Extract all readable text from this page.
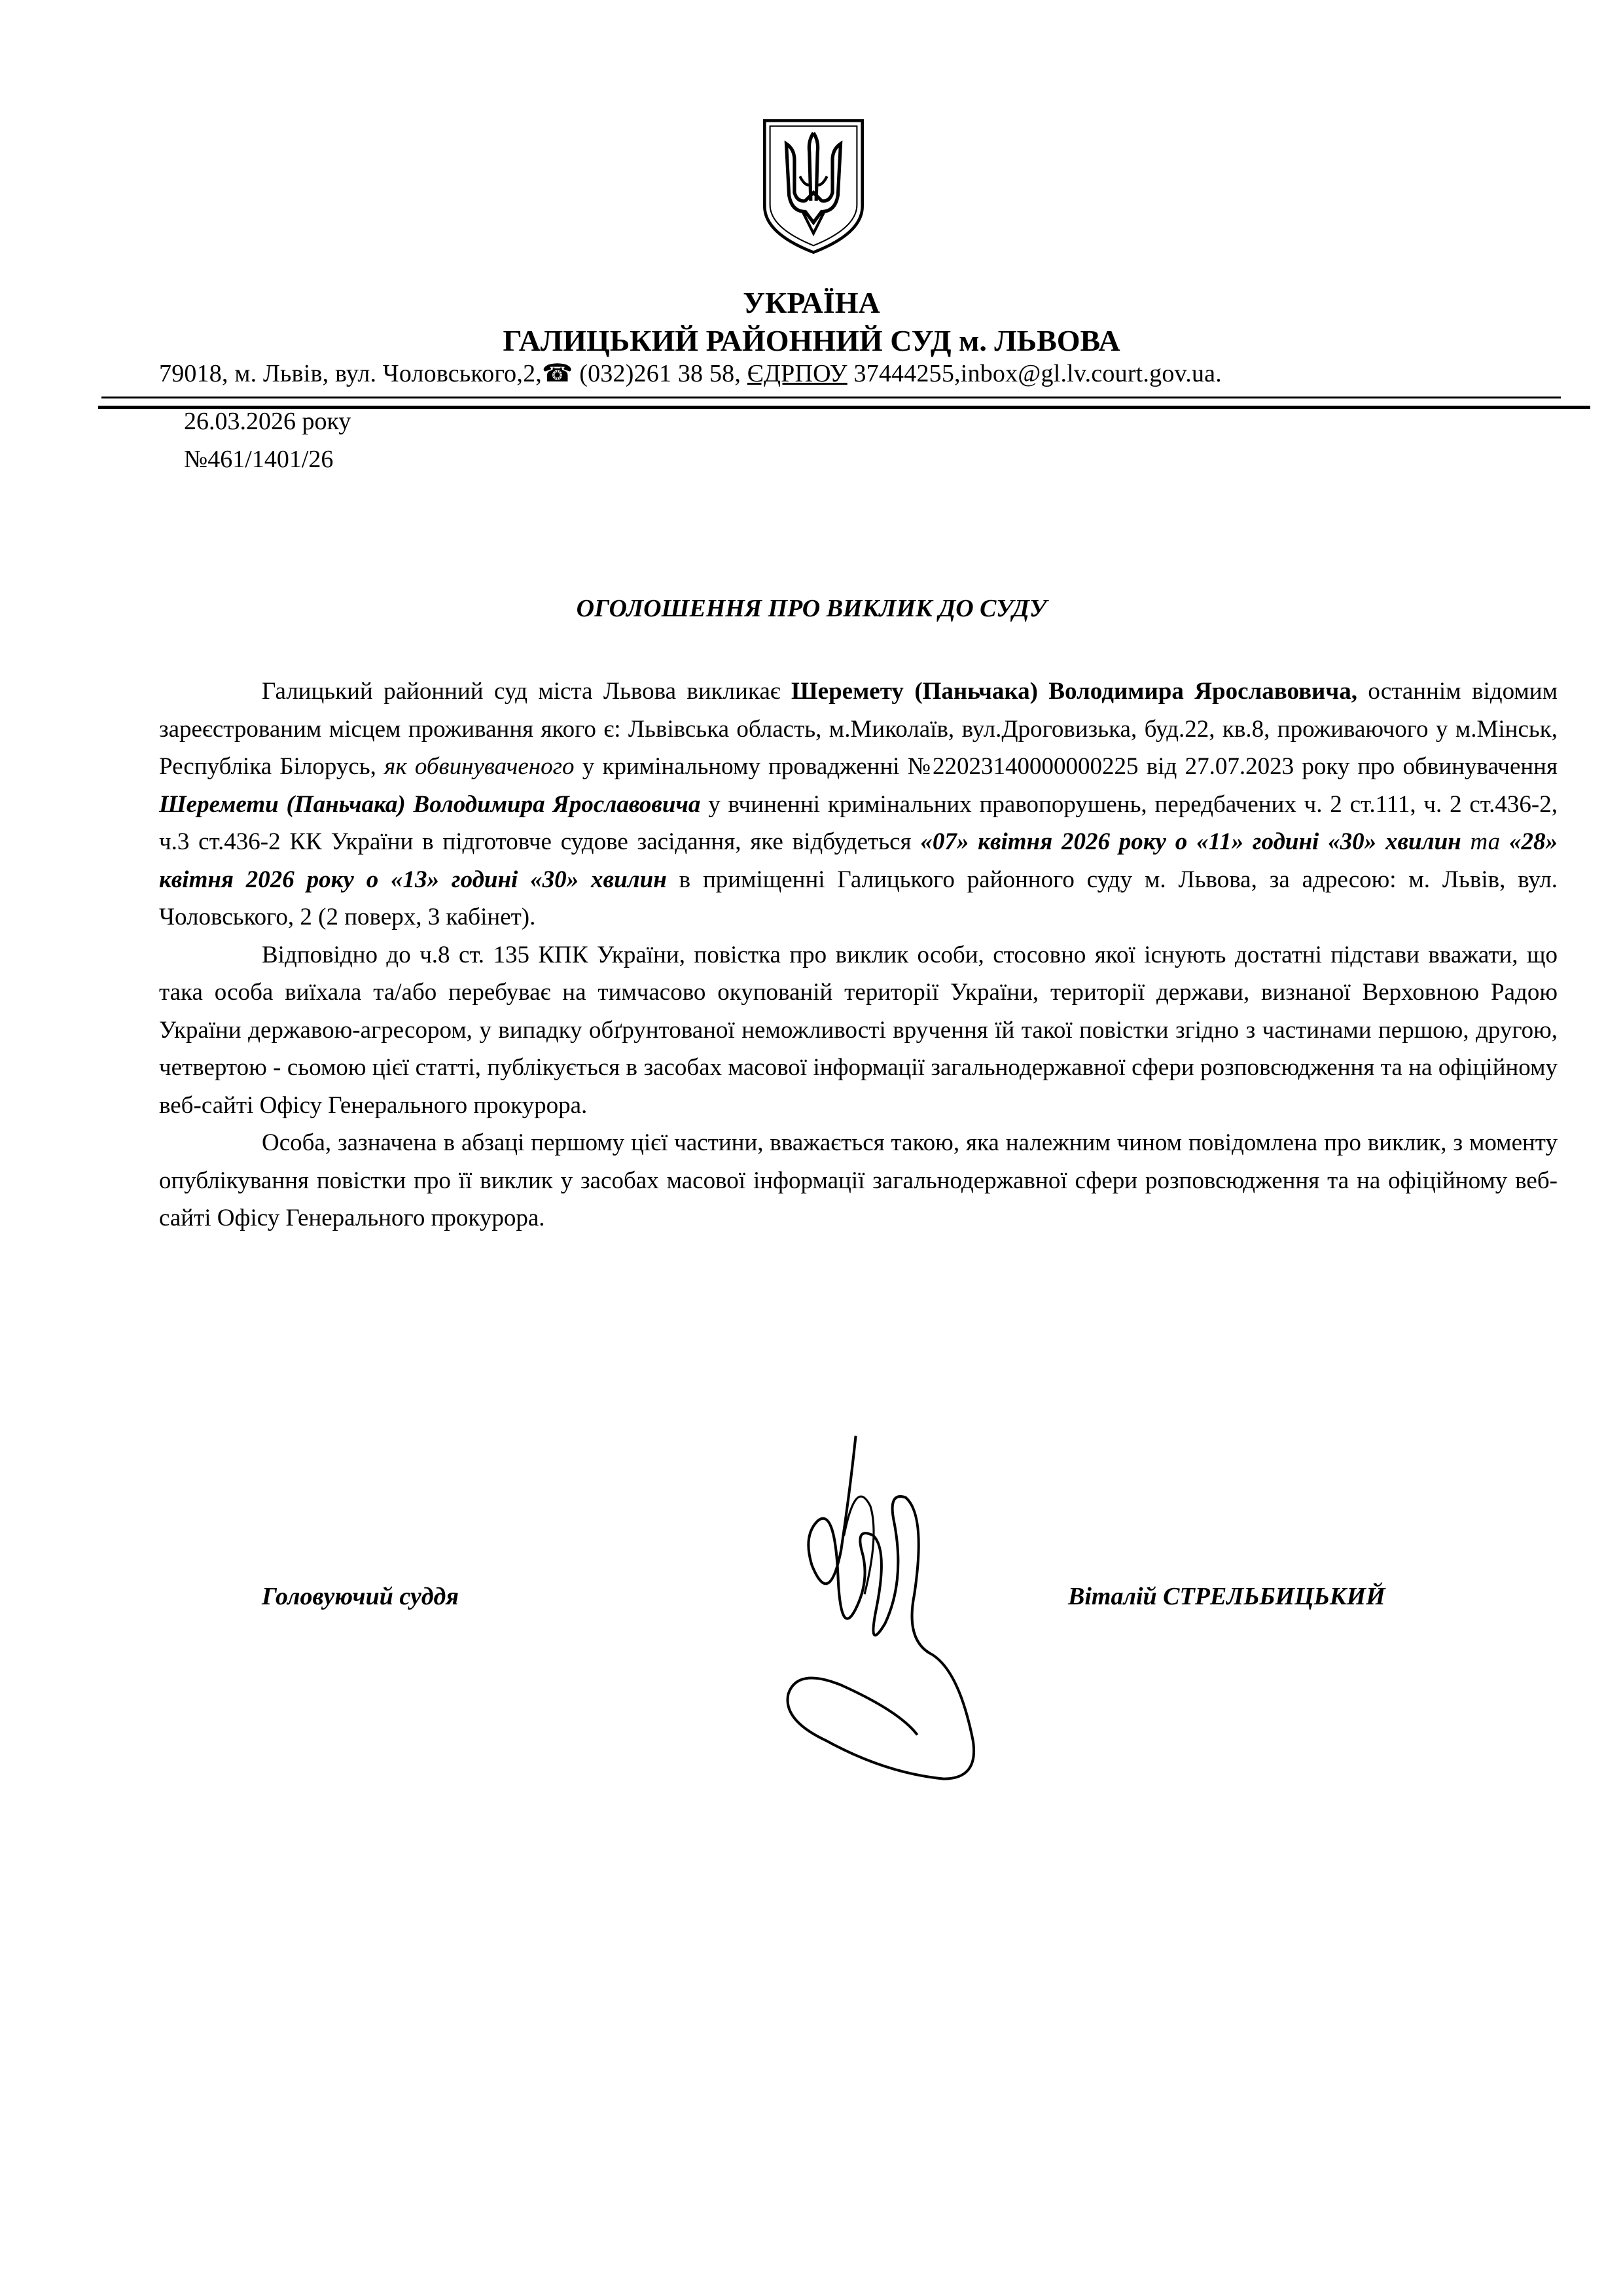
УКРАЇНА
ГАЛИЦЬКИЙ РАЙОННИЙ СУД м. ЛЬВОВА
79018, м. Львів, вул. Чоловського,2,☎ (032)261 38 58, ЄДРПОУ 37444255,inbox@gl.lv.court.gov.ua.
26.03.2026 року
№461/1401/26
ОГОЛОШЕННЯ ПРО ВИКЛИК ДО СУДУ

Галицький районний суд міста Львова викликає Шеремету (Паньчака) Володимира Ярославовича, останнім відомим зареєстрованим місцем проживання якого є: Львівська область, м.Миколаїв, вул.Дроговизька, буд.22, кв.8, проживаючого у м.Мінськ, Республіка Білорусь, як обвинуваченого у кримінальному провадженні №22023140000000225 від 27.07.2023 року про обвинувачення Шеремети (Паньчака) Володимира Ярославовича у вчиненні кримінальних правопорушень, передбачених ч. 2 ст.111, ч. 2 ст.436-2, ч.3 ст.436-2 КК України в підготовче судове засідання, яке відбудеться «07» квітня 2026 року о «11» годині «30» хвилин та «28» квітня 2026 року о «13» годині «30» хвилин в приміщенні Галицького районного суду м. Львова, за адресою: м. Львів, вул. Чоловського, 2 (2 поверх, 3 кабінет).

Відповідно до ч.8 ст. 135 КПК України, повістка про виклик особи, стосовно якої існують достатні підстави вважати, що така особа виїхала та/або перебуває на тимчасово окупованій території України, території держави, визнаної Верховною Радою України державою-агресором, у випадку обґрунтованої неможливості вручення їй такої повістки згідно з частинами першою, другою, четвертою - сьомою цієї статті, публікується в засобах масової інформації загальнодержавної сфери розповсюдження та на офіційному веб-сайті Офісу Генерального прокурора.

Особа, зазначена в абзаці першому цієї частини, вважається такою, яка належним чином повідомлена про виклик, з моменту опублікування повістки про її виклик у засобах масової інформації загальнодержавної сфери розповсюдження та на офіційному веб-сайті Офісу Генерального прокурора.

Головуючий суддя	Віталій СТРЕЛЬБИЦЬКИЙ
